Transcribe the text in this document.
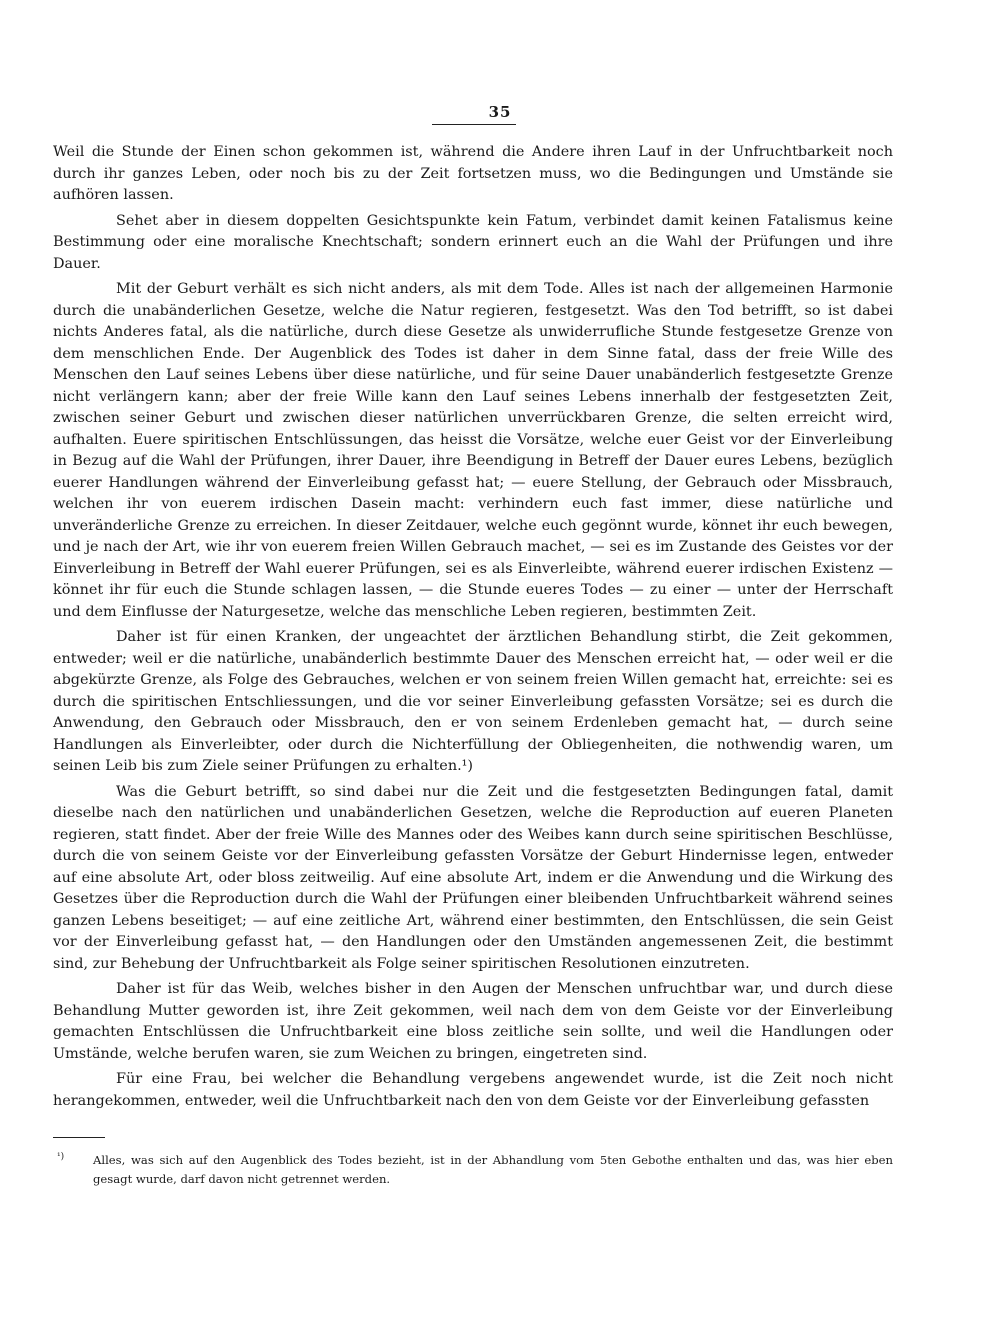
35

Weil die Stunde der Einen schon gekommen ist, während die Andere ihren Lauf in der Unfruchtbarkeit noch durch ihr ganzes Leben, oder noch bis zu der Zeit fortsetzen muss, wo die Bedingungen und Umstände sie aufhören lassen.

Sehet aber in diesem doppelten Gesichtspunkte kein Fatum, verbindet damit keinen Fatalismus keine Bestimmung oder eine moralische Knechtschaft; sondern erinnert euch an die Wahl der Prüfungen und ihre Dauer.

Mit der Geburt verhält es sich nicht anders, als mit dem Tode. Alles ist nach der allgemeinen Harmonie durch die unabänderlichen Gesetze, welche die Natur regieren, festgesetzt. Was den Tod betrifft, so ist dabei nichts Anderes fatal, als die natürliche, durch diese Gesetze als unwiderrufliche Stunde festgesetze Grenze von dem menschlichen Ende. Der Augenblick des Todes ist daher in dem Sinne fatal, dass der freie Wille des Menschen den Lauf seines Lebens über diese natürliche, und für seine Dauer unabänderlich festgesetzte Grenze nicht verlängern kann; aber der freie Wille kann den Lauf seines Lebens innerhalb der festgesetzten Zeit, zwischen seiner Geburt und zwischen dieser natürlichen unverrückbaren Grenze, die selten erreicht wird, aufhalten. Euere spiritischen Entschlüssungen, das heisst die Vorsätze, welche euer Geist vor der Einverleibung in Bezug auf die Wahl der Prüfungen, ihrer Dauer, ihre Beendigung in Betreff der Dauer eures Lebens, bezüglich euerer Handlungen während der Einverleibung gefasst hat; — euere Stellung, der Gebrauch oder Missbrauch, welchen ihr von euerem irdischen Dasein macht: verhindern euch fast immer, diese natürliche und unveränderliche Grenze zu erreichen. In dieser Zeitdauer, welche euch gegönnt wurde, könnet ihr euch bewegen, und je nach der Art, wie ihr von euerem freien Willen Gebrauch machet, — sei es im Zustande des Geistes vor der Einverleibung in Betreff der Wahl euerer Prüfungen, sei es als Einverleibte, während euerer irdischen Existenz — könnet ihr für euch die Stunde schlagen lassen, — die Stunde eueres Todes — zu einer — unter der Herrschaft und dem Einflusse der Naturgesetze, welche das menschliche Leben regieren, bestimmten Zeit.

Daher ist für einen Kranken, der ungeachtet der ärztlichen Behandlung stirbt, die Zeit gekommen, entweder; weil er die natürliche, unabänderlich bestimmte Dauer des Menschen erreicht hat, — oder weil er die abgekürzte Grenze, als Folge des Gebrauches, welchen er von seinem freien Willen gemacht hat, erreichte: sei es durch die spiritischen Entschliessungen, und die vor seiner Einverleibung gefassten Vorsätze; sei es durch die Anwendung, den Gebrauch oder Missbrauch, den er von seinem Erdenleben gemacht hat, — durch seine Handlungen als Einverleibter, oder durch die Nichterfüllung der Obliegenheiten, die nothwendig waren, um seinen Leib bis zum Ziele seiner Prüfungen zu erhalten.¹)

Was die Geburt betrifft, so sind dabei nur die Zeit und die festgesetzten Bedingungen fatal, damit dieselbe nach den natürlichen und unabänderlichen Gesetzen, welche die Reproduction auf eueren Planeten regieren, statt findet. Aber der freie Wille des Mannes oder des Weibes kann durch seine spiritischen Beschlüsse, durch die von seinem Geiste vor der Einverleibung gefassten Vorsätze der Geburt Hindernisse legen, entweder auf eine absolute Art, oder bloss zeitweilig. Auf eine absolute Art, indem er die Anwendung und die Wirkung des Gesetzes über die Reproduction durch die Wahl der Prüfungen einer bleibenden Unfruchtbarkeit während seines ganzen Lebens beseitiget; — auf eine zeitliche Art, während einer bestimmten, den Entschlüssen, die sein Geist vor der Einverleibung gefasst hat, — den Handlungen oder den Umständen angemessenen Zeit, die bestimmt sind, zur Behebung der Unfruchtbarkeit als Folge seiner spiritischen Resolutionen einzutreten.

Daher ist für das Weib, welches bisher in den Augen der Menschen unfruchtbar war, und durch diese Behandlung Mutter geworden ist, ihre Zeit gekommen, weil nach dem von dem Geiste vor der Einverleibung gemachten Entschlüssen die Unfruchtbarkeit eine bloss zeitliche sein sollte, und weil die Handlungen oder Umstände, welche berufen waren, sie zum Weichen zu bringen, eingetreten sind.

Für eine Frau, bei welcher die Behandlung vergebens angewendet wurde, ist die Zeit noch nicht herangekommen, entweder, weil die Unfruchtbarkeit nach den von dem Geiste vor der Einverleibung gefassten

¹) Alles, was sich auf den Augenblick des Todes bezieht, ist in der Abhandlung vom 5ten Gebothe enthalten und das, was hier eben gesagt wurde, darf davon nicht getrennet werden.
